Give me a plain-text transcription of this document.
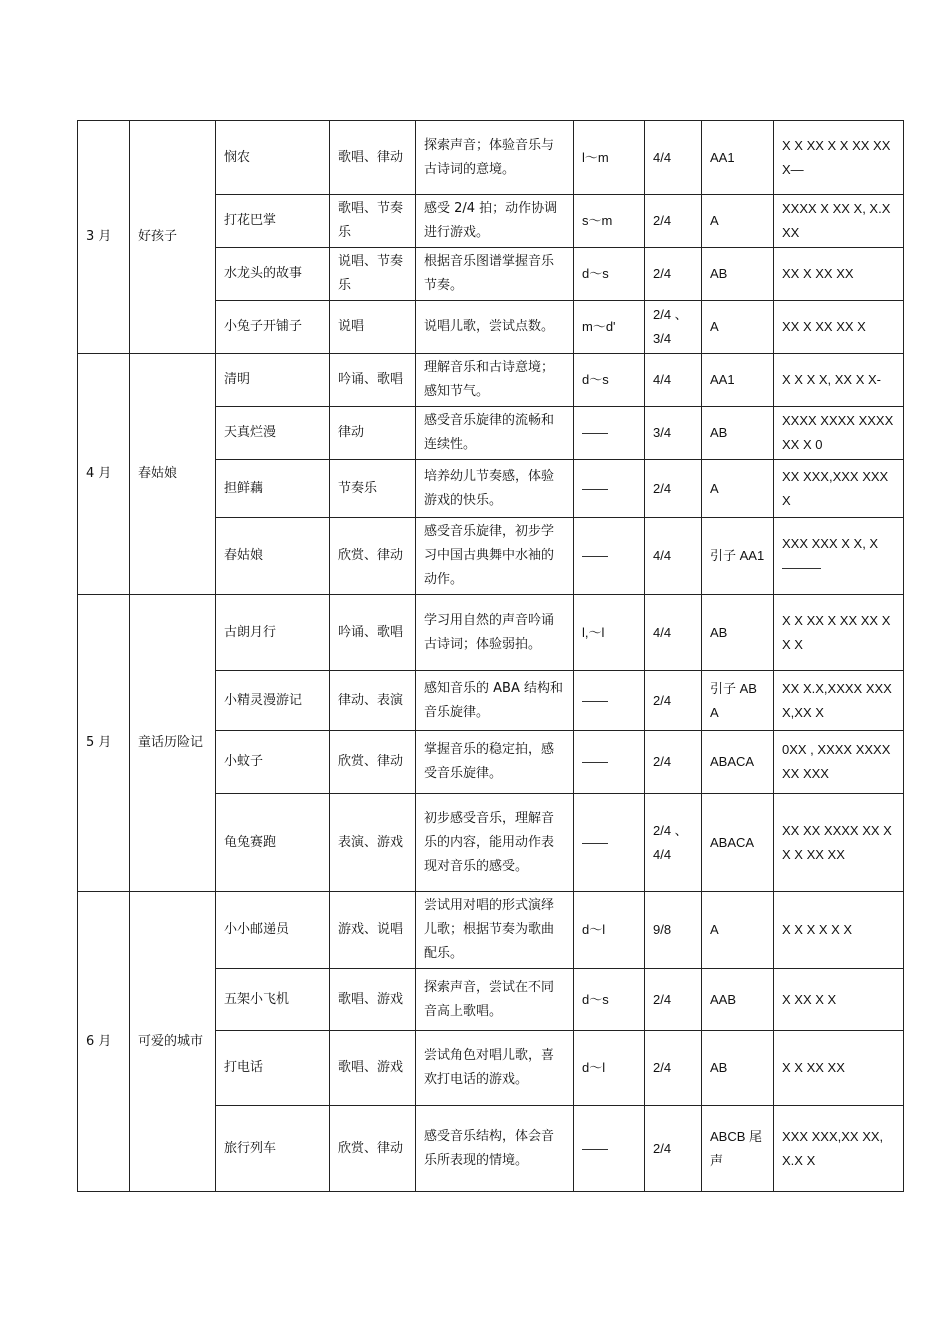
3 月	好孩子	悯农	歌唱、律动	探索声音；体验音乐与古诗词的意境。	l～m	4/4	AA1	X X XX X X XX XX X—
		打花巴掌	歌唱、节奏乐	感受 2/4 拍；动作协调进行游戏。	s～m	2/4	A	XXXX X XX X, X.X XX
		水龙头的故事	说唱、节奏乐	根据音乐图谱掌握音乐节奏。	d～s	2/4	AB	XX X XX XX
		小兔子开铺子	说唱	说唱儿歌，尝试点数。	m～d'	2/4 、3/4	A	XX X XX XX X
4 月	春姑娘	清明	吟诵、歌唱	理解音乐和古诗意境；感知节气。	d～s	4/4	AA1	X X X X, XX X X-
		天真烂漫	律动	感受音乐旋律的流畅和连续性。	——	3/4	AB	XXXX XXXX XXXX XX X 0
		担鲜藕	节奏乐	培养幼儿节奏感，体验游戏的快乐。	——	2/4	A	XX XXX,XXX XXXX
		春姑娘	欣赏、律动	感受音乐旋律，初步学习中国古典舞中水袖的动作。	——	4/4	引子 AA1	XXX XXX X X, X———
5 月	童话历险记	古朗月行	吟诵、歌唱	学习用自然的声音吟诵古诗词；体验弱拍。	l,～l	4/4	AB	X X XX X XX XX XX X
		小精灵漫游记	律动、表演	感知音乐的 ABA 结构和音乐旋律。	——	2/4	引子 ABA	XX X.X,XXXX XXXX,XX X
		小蚊子	欣赏、律动	掌握音乐的稳定拍，感受音乐旋律。	——	2/4	ABACA	0XX , XXXX XXXX XX XXX
		龟兔赛跑	表演、游戏	初步感受音乐，理解音乐的内容，能用动作表现对音乐的感受。	——	2/4 、4/4	ABACA	XX XX XXXX XX XX X XX XX
6 月	可爱的城市	小小邮递员	游戏、说唱	尝试用对唱的形式演绎儿歌；根据节奏为歌曲配乐。	d～l	9/8	A	X X X X X X
		五架小飞机	歌唱、游戏	探索声音，尝试在不同音高上歌唱。	d～s	2/4	AAB	X XX X X
		打电话	歌唱、游戏	尝试角色对唱儿歌，喜欢打电话的游戏。	d～l	2/4	AB	X X XX XX
		旅行列车	欣赏、律动	感受音乐结构，体会音乐所表现的情境。	——	2/4	ABCB 尾声	XXX XXX,XX XX,X.X X
